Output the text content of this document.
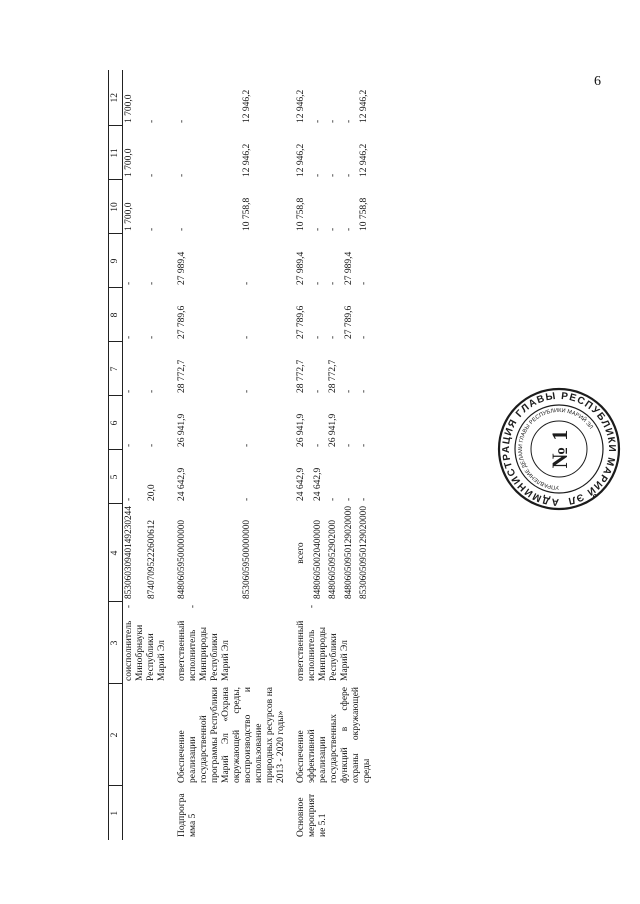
6
1	2	3	4	5	6	7	8	9	10	11	12
		соисполнитель - Минобрнауки Республики Марий Эл	85306030940149230244	-	-	-	-	-	1 700,0	1 700,0	1 700,0
			87407095222600612	20,0	-	-	-	-	-	-	-
Подпрограмма 5	Обеспечение реализации государственной программы Республики Марий Эл «Охрана окружающей среды, воспроизводство и использование природных ресурсов на 2013 - 2020 годы»	ответственный исполнитель - Минприроды Республики Марий Эл	84806059500000000	24 642,9	26 941,9	28 772,7	27 789,6	27 989,4	-	-	-
			85306059500000000	-	-	-	-	-	10 758,8	12 946,2	12 946,2
Основное мероприятие 5.1	Обеспечение эффективной реализации государственных функций в сфере охраны окружающей среды	ответственный исполнитель - Минприроды Республики Марий Эл	всего	24 642,9	26 941,9	28 772,7	27 789,6	27 989,4	10 758,8	12 946,2	12 946,2
			84806050020400000	24 642,9	-	-	-	-	-	-	-
			84806050952902000	-	26 941,9	28 772,7	-	-	-	-	-
			84806050950129020000	-	-	-	27 789,6	27 989,4	-	-	-
			85306050950129020000	-	-	-	-	-	10 758,8	12 946,2	12 946,2
АДМИНИСТРАЦИЯ ГЛАВЫ РЕСПУБЛИКИ МАРИЙ ЭЛ
УПРАВЛЕНИЕ ДЕЛАМИ ГЛАВЫ РЕСПУБЛИКИ МАРИЙ ЭЛ
№ 1
